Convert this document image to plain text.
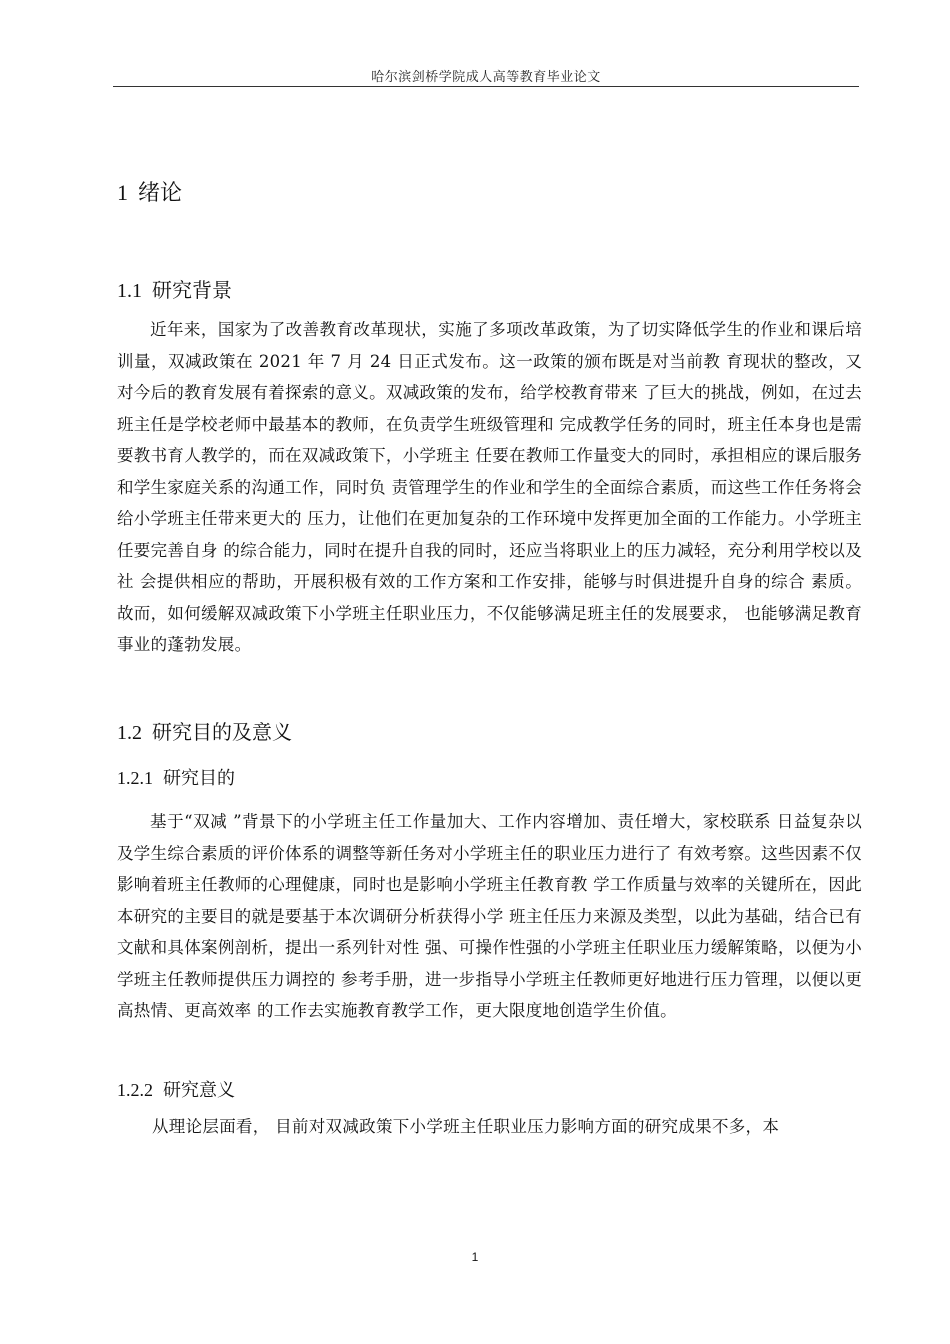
哈尔滨剑桥学院成人高等教育毕业论文
1 绪论
1.1 研究背景

近年来，国家为了改善教育改革现状，实施了多项改革政策，为了切实降低学生的作业和课后培训量，双减政策在 2021 年 7 月 24 日正式发布。这一政策的颁布既是对当前教 育现状的整改，又对今后的教育发展有着探索的意义。双减政策的发布，给学校教育带来 了巨大的挑战，例如，在过去班主任是学校老师中最基本的教师，在负责学生班级管理和 完成教学任务的同时，班主任本身也是需要教书育人教学的，而在双减政策下，小学班主 任要在教师工作量变大的同时，承担相应的课后服务和学生家庭关系的沟通工作，同时负 责管理学生的作业和学生的全面综合素质，而这些工作任务将会给小学班主任带来更大的 压力，让他们在更加复杂的工作环境中发挥更加全面的工作能力。小学班主任要完善自身 的综合能力，同时在提升自我的同时，还应当将职业上的压力减轻，充分利用学校以及社 会提供相应的帮助，开展积极有效的工作方案和工作安排，能够与时俱进提升自身的综合 素质。故而，如何缓解双减政策下小学班主任职业压力，不仅能够满足班主任的发展要求， 也能够满足教育事业的蓬勃发展。

1.2 研究目的及意义
1.2.1 研究目的

基于“双减 ”背景下的小学班主任工作量加大、工作内容增加、责任增大，家校联系 日益复杂以及学生综合素质的评价体系的调整等新任务对小学班主任的职业压力进行了 有效考察。这些因素不仅影响着班主任教师的心理健康，同时也是影响小学班主任教育教 学工作质量与效率的关键所在，因此本研究的主要目的就是要基于本次调研分析获得小学 班主任压力来源及类型，以此为基础，结合已有文献和具体案例剖析，提出一系列针对性 强、可操作性强的小学班主任职业压力缓解策略，以便为小学班主任教师提供压力调控的 参考手册，进一步指导小学班主任教师更好地进行压力管理，以便以更高热情、更高效率 的工作去实施教育教学工作，更大限度地创造学生价值。

1.2.2 研究意义

从理论层面看， 目前对双减政策下小学班主任职业压力影响方面的研究成果不多，本

1
